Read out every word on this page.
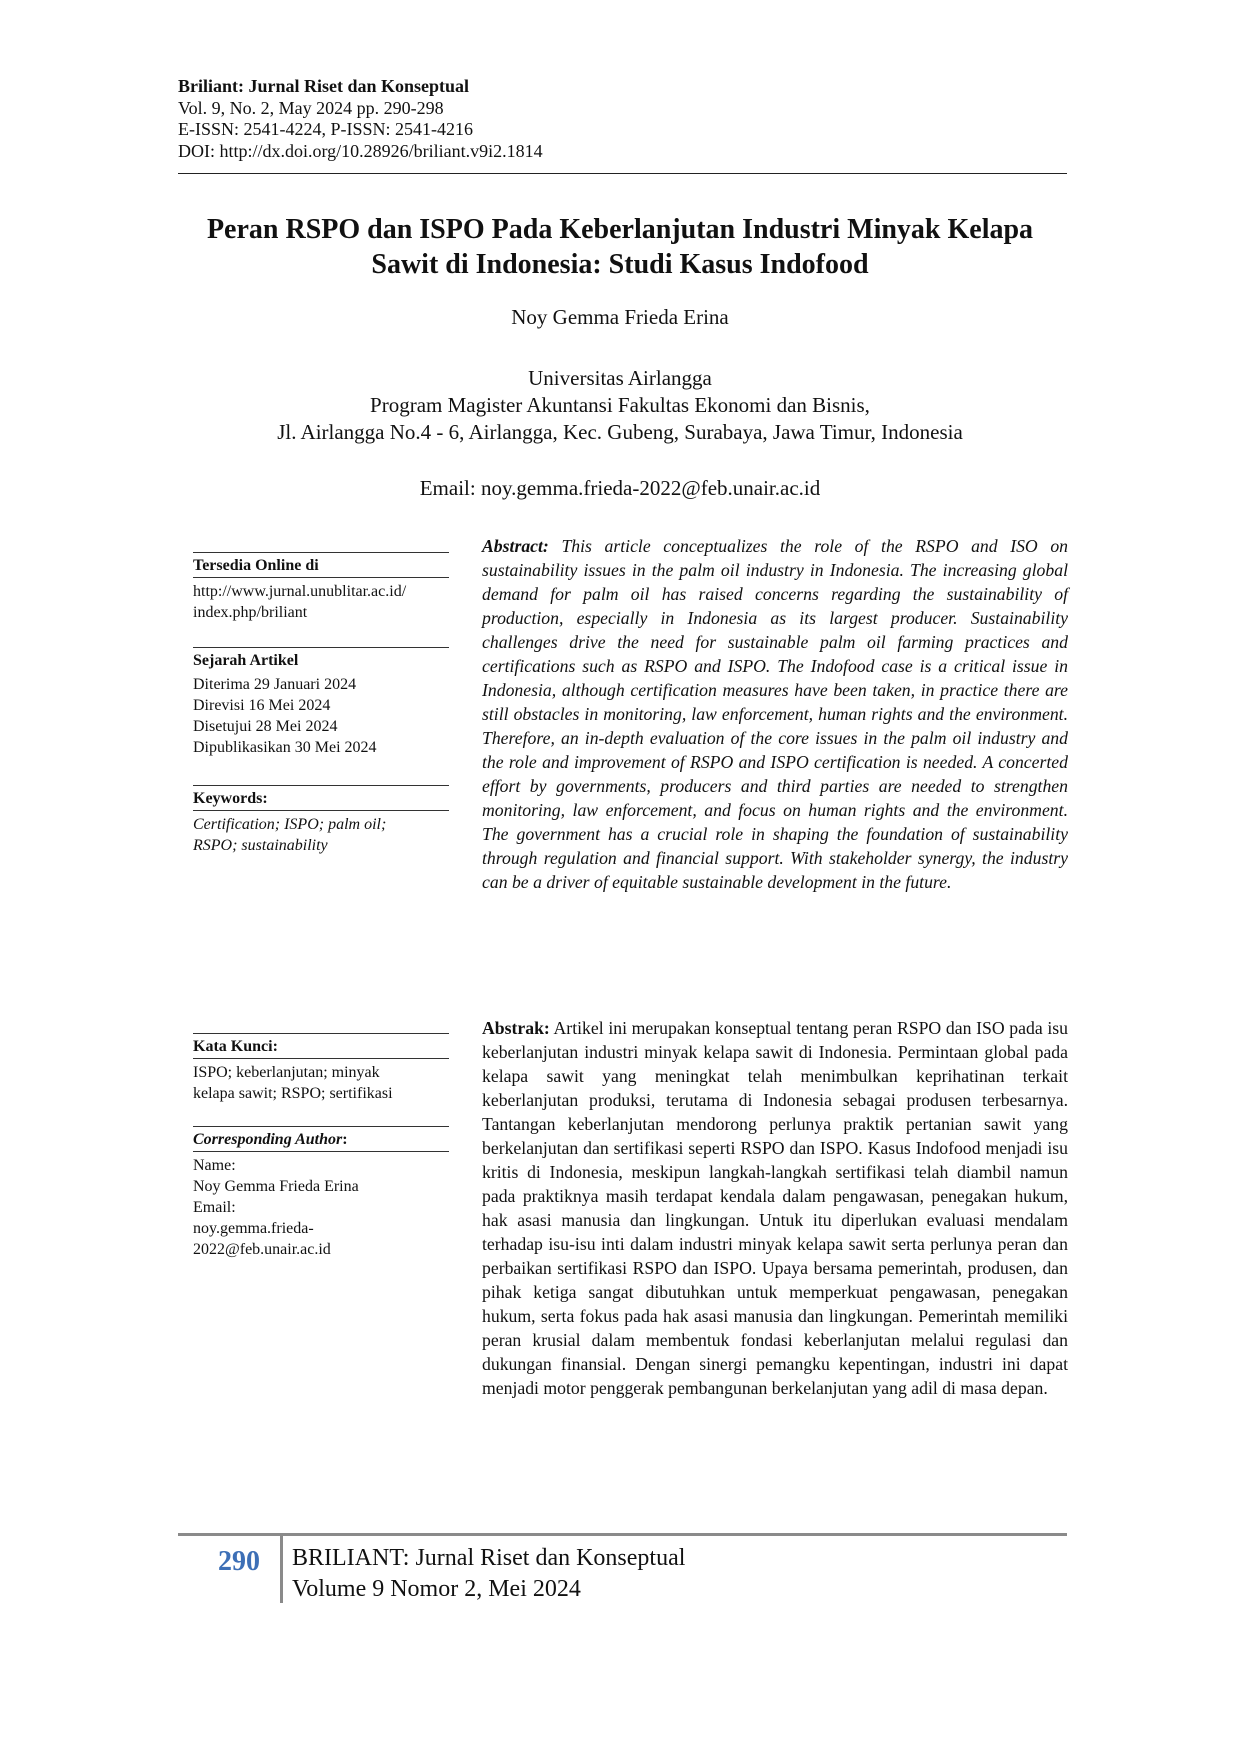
Briliant: Jurnal Riset dan Konseptual
Vol. 9, No. 2, May 2024 pp. 290-298
E-ISSN: 2541-4224, P-ISSN: 2541-4216
DOI: http://dx.doi.org/10.28926/briliant.v9i2.1814
Peran RSPO dan ISPO Pada Keberlanjutan Industri Minyak Kelapa
Sawit di Indonesia: Studi Kasus Indofood
Noy Gemma Frieda Erina
Universitas Airlangga
Program Magister Akuntansi Fakultas Ekonomi dan Bisnis,
Jl. Airlangga No.4 - 6, Airlangga, Kec. Gubeng, Surabaya, Jawa Timur, Indonesia
Email: noy.gemma.frieda-2022@feb.unair.ac.id
Tersedia Online di
http://www.jurnal.unublitar.ac.id/
index.php/briliant
Sejarah Artikel
Diterima 29 Januari 2024
Direvisi 16 Mei 2024
Disetujui 28 Mei 2024
Dipublikasikan 30 Mei 2024
Keywords:
Certification; ISPO; palm oil;
RSPO; sustainability
Kata Kunci:
ISPO; keberlanjutan; minyak
kelapa sawit; RSPO; sertifikasi
Corresponding Author:
Name:
Noy Gemma Frieda Erina
Email:
noy.gemma.frieda-
2022@feb.unair.ac.id
Abstract: This article conceptualizes the role of the RSPO and ISO on sustainability issues in the palm oil industry in Indonesia. The increasing global demand for palm oil has raised concerns regarding the sustainability of production, especially in Indonesia as its largest producer. Sustainability challenges drive the need for sustainable palm oil farming practices and certifications such as RSPO and ISPO. The Indofood case is a critical issue in Indonesia, although certification measures have been taken, in practice there are still obstacles in monitoring, law enforcement, human rights and the environment. Therefore, an in-depth evaluation of the core issues in the palm oil industry and the role and improvement of RSPO and ISPO certification is needed. A concerted effort by governments, producers and third parties are needed to strengthen monitoring, law enforcement, and focus on human rights and the environment. The government has a crucial role in shaping the foundation of sustainability through regulation and financial support. With stakeholder synergy, the industry can be a driver of equitable sustainable development in the future.
Abstrak: Artikel ini merupakan konseptual tentang peran RSPO dan ISO pada isu keberlanjutan industri minyak kelapa sawit di Indonesia. Permintaan global pada kelapa sawit yang meningkat telah menimbulkan keprihatinan terkait keberlanjutan produksi, terutama di Indonesia sebagai produsen terbesarnya. Tantangan keberlanjutan mendorong perlunya praktik pertanian sawit yang berkelanjutan dan sertifikasi seperti RSPO dan ISPO. Kasus Indofood menjadi isu kritis di Indonesia, meskipun langkah-langkah sertifikasi telah diambil namun pada praktiknya masih terdapat kendala dalam pengawasan, penegakan hukum, hak asasi manusia dan lingkungan. Untuk itu diperlukan evaluasi mendalam terhadap isu-isu inti dalam industri minyak kelapa sawit serta perlunya peran dan perbaikan sertifikasi RSPO dan ISPO. Upaya bersama pemerintah, produsen, dan pihak ketiga sangat dibutuhkan untuk memperkuat pengawasan, penegakan hukum, serta fokus pada hak asasi manusia dan lingkungan. Pemerintah memiliki peran krusial dalam membentuk fondasi keberlanjutan melalui regulasi dan dukungan finansial. Dengan sinergi pemangku kepentingan, industri ini dapat menjadi motor penggerak pembangunan berkelanjutan yang adil di masa depan.
290 BRILIANT: Jurnal Riset dan Konseptual
Volume 9 Nomor 2, Mei 2024
